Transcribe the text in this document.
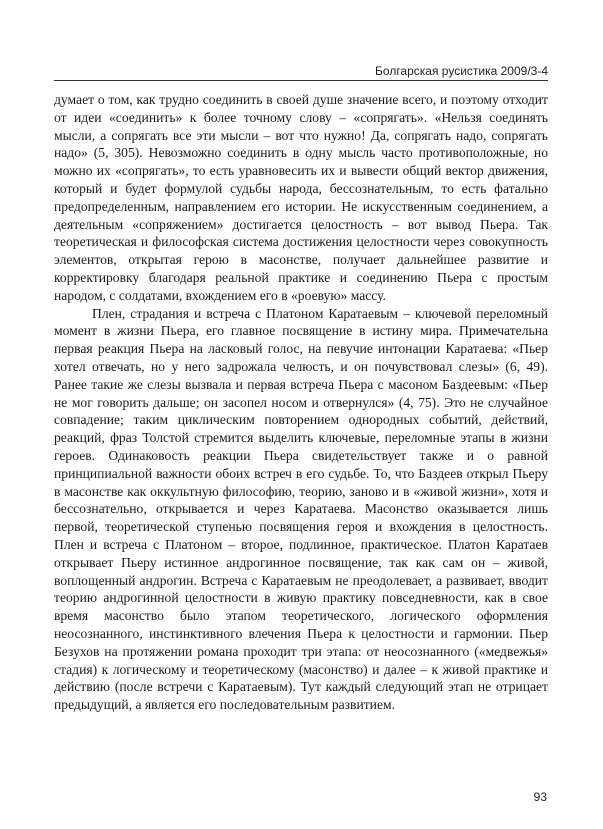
Болгарская русистика 2009/3-4

думает о том, как трудно соединить в своей душе значение всего, и поэтому отходит от идеи «соединить» к более точному слову – «сопрягать». «Нельзя соединять мысли, а сопрягать все эти мысли – вот что нужно! Да, сопрягать надо, сопрягать надо» (5, 305). Невозможно соединить в одну мысль часто противоположные, но можно их «сопрягать», то есть уравновесить их и вывести общий вектор движения, который и будет формулой судьбы народа, бессознательным, то есть фатально предопределенным, направлением его истории. Не искусственным соединением, а деятельным «сопряжением» достигается целостность – вот вывод Пьера. Так теоретическая и философская система достижения целостности через совокупность элементов, открытая герою в масонстве, получает дальнейшее развитие и корректировку благодаря реальной практике и соединению Пьера с простым народом, с солдатами, вхождением его в «роевую» массу.

Плен, страдания и встреча с Платоном Каратаевым – ключевой переломный момент в жизни Пьера, его главное посвящение в истину мира. Примечательна первая реакция Пьера на ласковый голос, на певучие интонации Каратаева: «Пьер хотел отвечать, но у него задрожала челюсть, и он почувствовал слезы» (6, 49). Ранее такие же слезы вызвала и первая встреча Пьера с масоном Баздеевым: «Пьер не мог говорить дальше; он засопел носом и отвернулся» (4, 75). Это не случайное совпадение; таким циклическим повторением однородных событий, действий, реакций, фраз Толстой стремится выделить ключевые, переломные этапы в жизни героев. Одинаковость реакции Пьера свидетельствует также и о равной принципиальной важности обоих встреч в его судьбе. То, что Баздеев открыл Пьеру в масонстве как оккультную философию, теорию, заново и в «живой жизни», хотя и бессознательно, открывается и через Каратаева. Масонство оказывается лишь первой, теоретической ступенью посвящения героя и вхождения в целостность. Плен и встреча с Платоном – второе, подлинное, практическое. Платон Каратаев открывает Пьеру истинное андрогинное посвящение, так как сам он – живой, воплощенный андрогин. Встреча с Каратаевым не преодолевает, а развивает, вводит теорию андрогинной целостности в живую практику повседневности, как в свое время масонство было этапом теоретического, логического оформления неосознанного, инстинктивного влечения Пьера к целостности и гармонии. Пьер Безухов на протяжении романа проходит три этапа: от неосознанного («медвежья» стадия) к логическому и теоретическому (масонство) и далее – к живой практике и действию (после встречи с Каратаевым). Тут каждый следующий этап не отрицает предыдущий, а является его последовательным развитием.

93
